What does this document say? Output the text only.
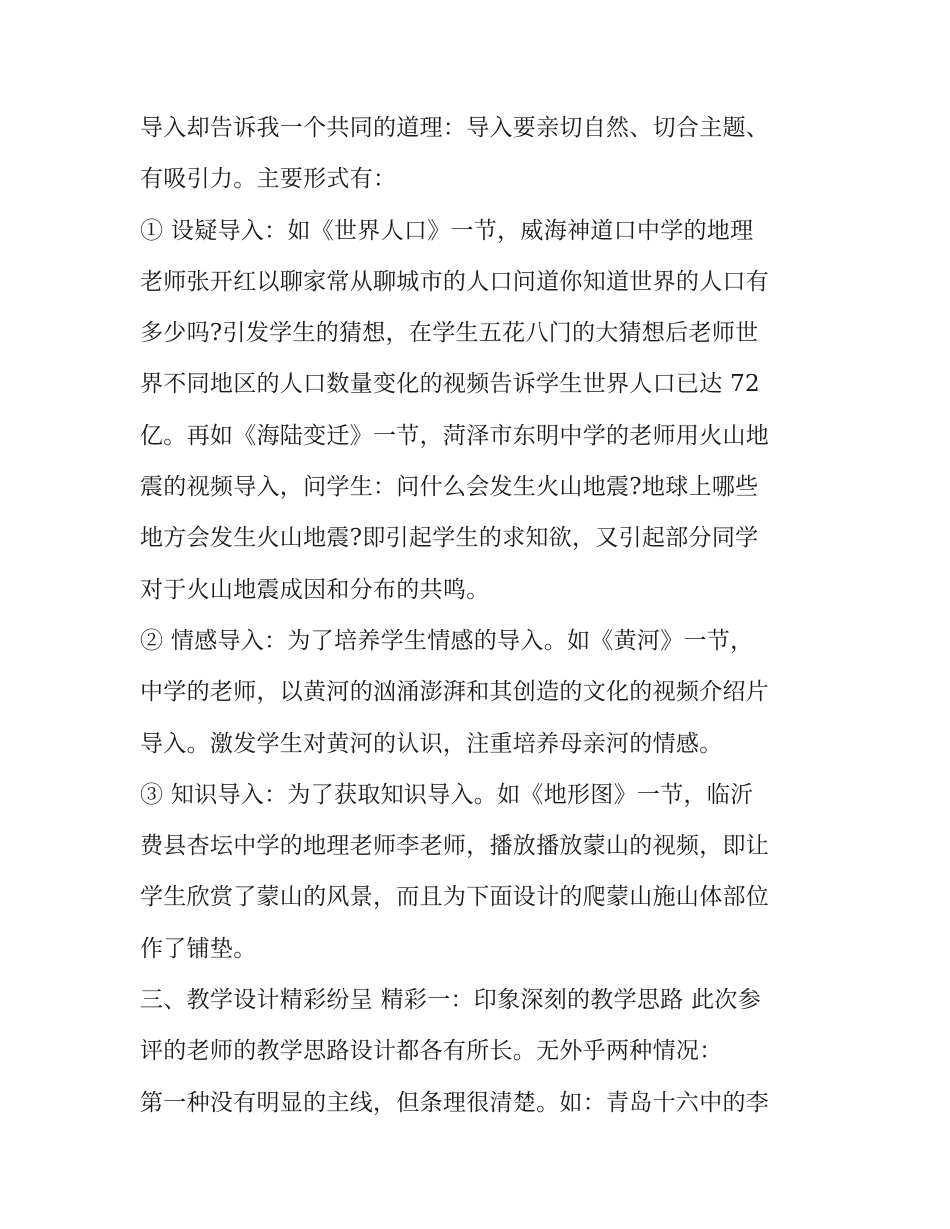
导入却告诉我一个共同的道理：导入要亲切自然、切合主题、
有吸引力。主要形式有：
① 设疑导入：如《世界人口》一节，威海神道口中学的地理
老师张开红以聊家常从聊城市的人口问道你知道世界的人口有
多少吗?引发学生的猜想，在学生五花八门的大猜想后老师世
界不同地区的人口数量变化的视频告诉学生世界人口已达 72
亿。再如《海陆变迁》一节，菏泽市东明中学的老师用火山地
震的视频导入，问学生：问什么会发生火山地震?地球上哪些
地方会发生火山地震?即引起学生的求知欲，又引起部分同学
对于火山地震成因和分布的共鸣。
② 情感导入：为了培养学生情感的导入。如《黄河》一节，
中学的老师，以黄河的汹涌澎湃和其创造的文化的视频介绍片
导入。激发学生对黄河的认识，注重培养母亲河的情感。
③ 知识导入：为了获取知识导入。如《地形图》一节，临沂
费县杏坛中学的地理老师李老师，播放播放蒙山的视频，即让
学生欣赏了蒙山的风景，而且为下面设计的爬蒙山施山体部位
作了铺垫。
三、教学设计精彩纷呈 精彩一：印象深刻的教学思路 此次参
评的老师的教学思路设计都各有所长。无外乎两种情况：
第一种没有明显的主线，但条理很清楚。如：青岛十六中的李
